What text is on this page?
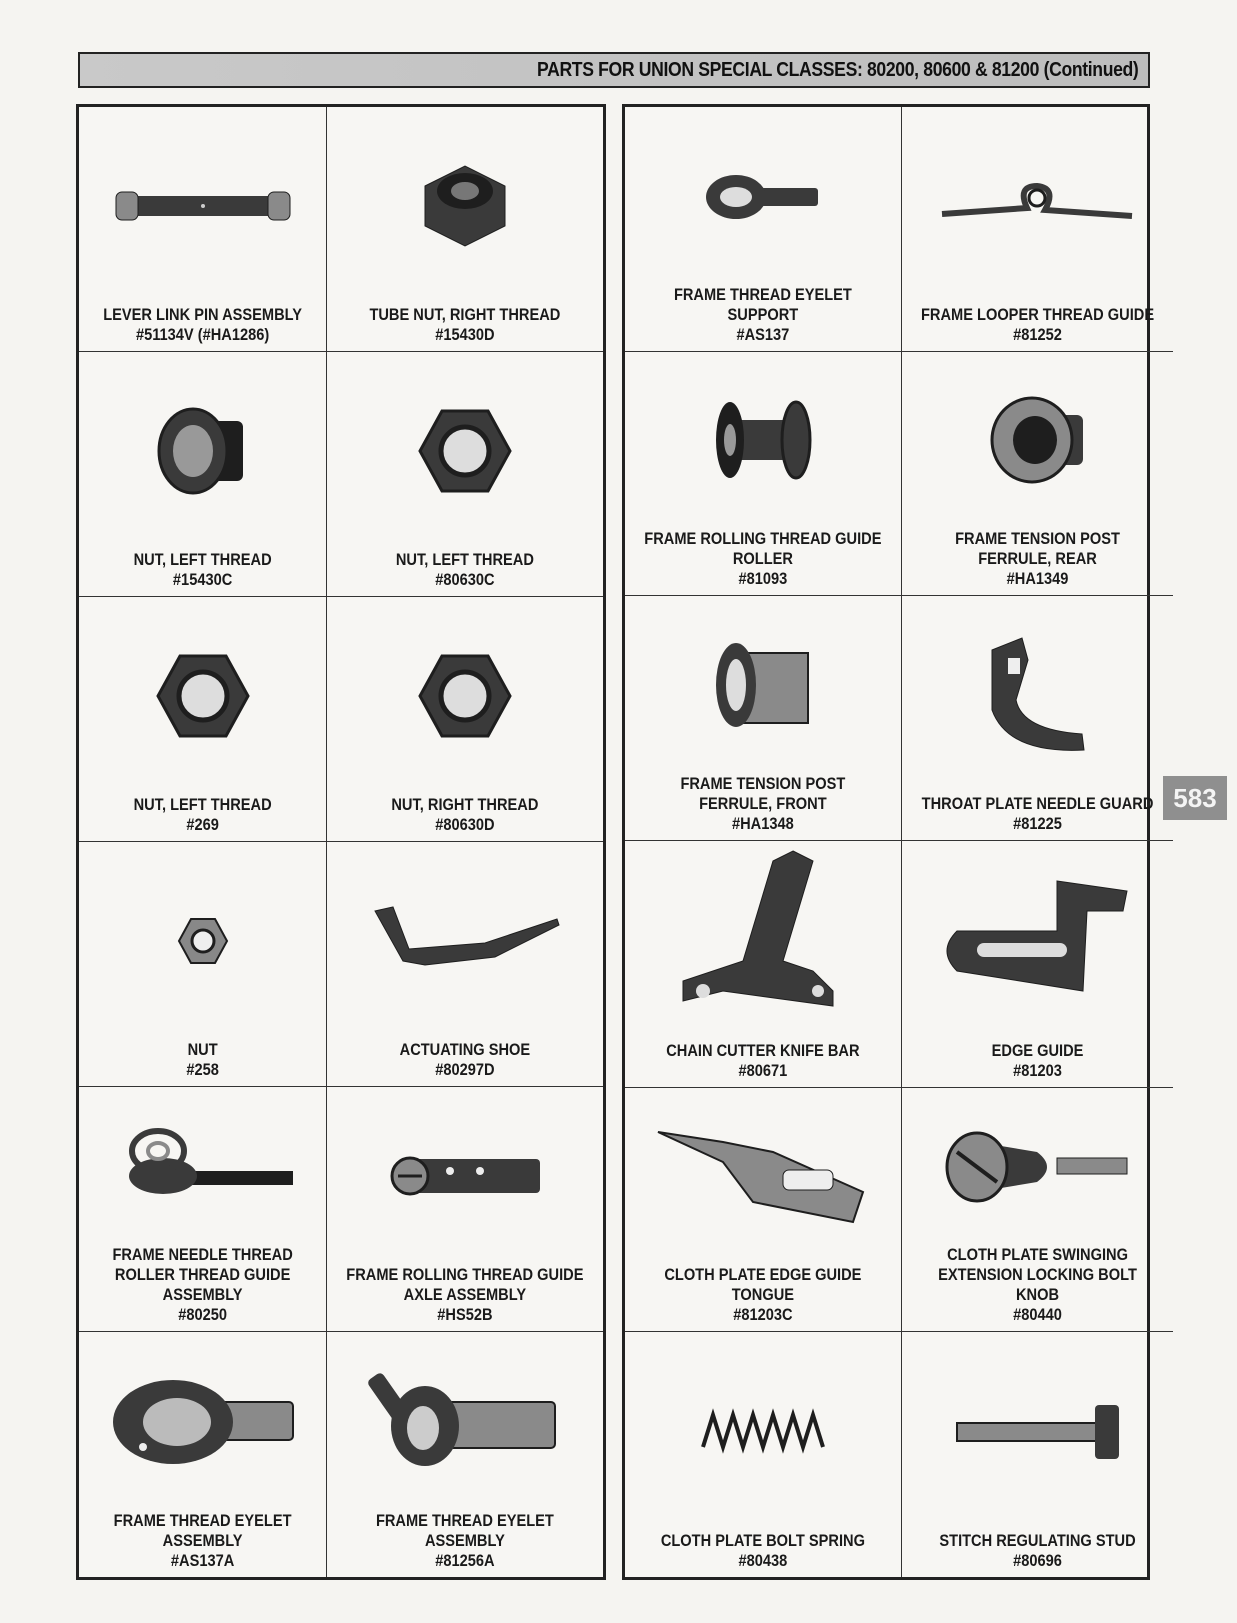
PARTS FOR UNION SPECIAL CLASSES: 80200, 80600 & 81200 (Continued)
LEVER LINK PIN ASSEMBLY
#51134V (#HA1286)
TUBE NUT, RIGHT THREAD
#15430D
NUT, LEFT THREAD
#15430C
NUT, LEFT THREAD
#80630C
NUT, LEFT THREAD
#269
NUT, RIGHT THREAD
#80630D
NUT
#258
ACTUATING SHOE
#80297D
FRAME NEEDLE THREAD
ROLLER THREAD GUIDE
ASSEMBLY
#80250
FRAME ROLLING THREAD GUIDE
AXLE ASSEMBLY
#HS52B
FRAME THREAD EYELET
ASSEMBLY
#AS137A
FRAME THREAD EYELET
ASSEMBLY
#81256A
FRAME THREAD EYELET
SUPPORT
#AS137
FRAME LOOPER THREAD GUIDE
#81252
FRAME ROLLING THREAD GUIDE
ROLLER
#81093
FRAME TENSION POST
FERRULE, REAR
#HA1349
FRAME TENSION POST
FERRULE, FRONT
#HA1348
THROAT PLATE NEEDLE GUARD
#81225
CHAIN CUTTER KNIFE BAR
#80671
EDGE GUIDE
#81203
CLOTH PLATE EDGE GUIDE
TONGUE
#81203C
CLOTH PLATE SWINGING
EXTENSION LOCKING BOLT
KNOB
#80440
CLOTH PLATE BOLT SPRING
#80438
STITCH REGULATING STUD
#80696
583
